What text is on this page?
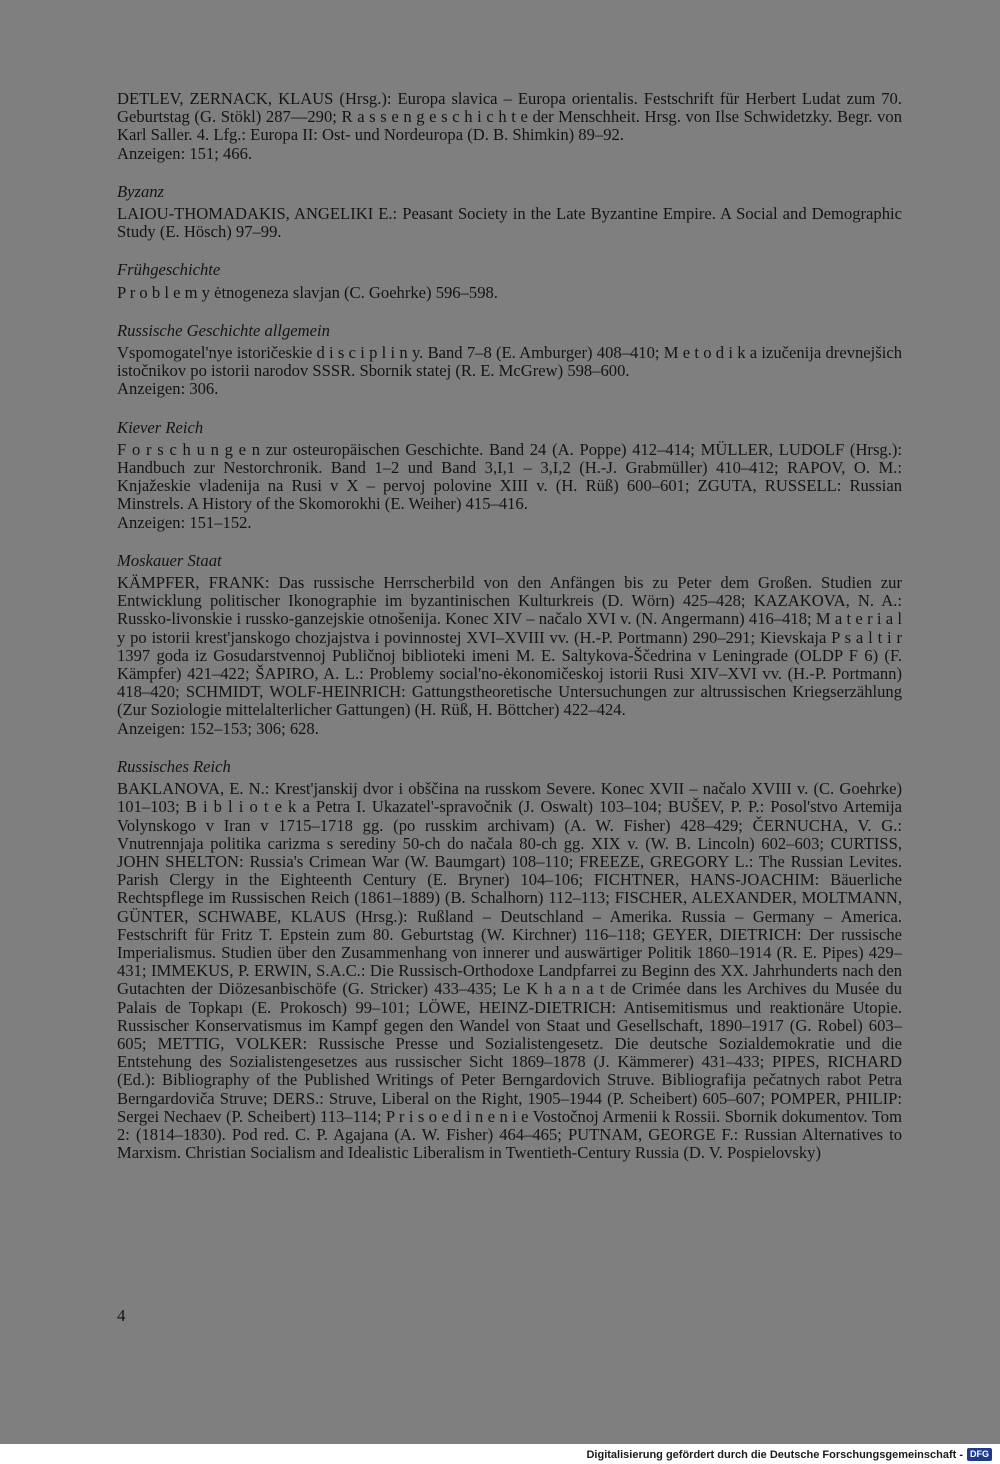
DETLEV, ZERNACK, KLAUS (Hrsg.): Europa slavica – Europa orientalis. Festschrift für Herbert Ludat zum 70. Geburtstag (G. Stökl) 287—290; R a s s e n g e s c h i c h t e der Menschheit. Hrsg. von Ilse Schwidetzky. Begr. von Karl Saller. 4. Lfg.: Europa II: Ost- und Nordeuropa (D. B. Shimkin) 89–92.

Anzeigen: 151; 466.

Byzanz

LAIOU-THOMADAKIS, ANGELIKI E.: Peasant Society in the Late Byzantine Empire. A Social and Demographic Study (E. Hösch) 97–99.

Frühgeschichte

P r o b l e m y ėtnogeneza slavjan (C. Goehrke) 596–598.

Russische Geschichte allgemein

Vspomogatel'nye istoričeskie d i s c i p l i n y. Band 7–8 (E. Amburger) 408–410; M e t o d i k a izučenija drevnejšich istočnikov po istorii narodov SSSR. Sbornik statej (R. E. McGrew) 598–600.

Anzeigen: 306.

Kiever Reich

F o r s c h u n g e n zur osteuropäischen Geschichte. Band 24 (A. Poppe) 412–414; MÜLLER, LUDOLF (Hrsg.): Handbuch zur Nestorchronik. Band 1–2 und Band 3,I,1 – 3,I,2 (H.-J. Grabmüller) 410–412; RAPOV, O. M.: Knjažeskie vladenija na Rusi v X – pervoj polovine XIII v. (H. Rüß) 600–601; ZGUTA, RUSSELL: Russian Minstrels. A History of the Skomorokhi (E. Weiher) 415–416.

Anzeigen: 151–152.

Moskauer Staat

KÄMPFER, FRANK: Das russische Herrscherbild von den Anfängen bis zu Peter dem Großen. Studien zur Entwicklung politischer Ikonographie im byzantinischen Kulturkreis (D. Wörn) 425–428; KAZAKOVA, N. A.: Russko-livonskie i russko-ganzejskie otnošenija. Konec XIV – načalo XVI v. (N. Angermann) 416–418; M a t e r i a l y po istorii krest'janskogo chozjajstva i povinnostej XVI–XVIII vv. (H.-P. Portmann) 290–291; Kievskaja P s a l t i r 1397 goda iz Gosudarstvennoj Publičnoj biblioteki imeni M. E. Saltykova-Ščedrina v Leningrade (OLDP F 6) (F. Kämpfer) 421–422; ŠAPIRO, A. L.: Problemy social'no-ėkonomičeskoj istorii Rusi XIV–XVI vv. (H.-P. Portmann) 418–420; SCHMIDT, WOLF-HEINRICH: Gattungstheoretische Untersuchungen zur altrussischen Kriegserzählung (Zur Soziologie mittelalterlicher Gattungen) (H. Rüß, H. Böttcher) 422–424.

Anzeigen: 152–153; 306; 628.

Russisches Reich

BAKLANOVA, E. N.: Krest'janskij dvor i obščina na russkom Severe. Konec XVII – načalo XVIII v. (C. Goehrke) 101–103; B i b l i o t e k a Petra I. Ukazatel'-spravočnik (J. Oswalt) 103–104; BUŠEV, P. P.: Posol'stvo Artemija Volynskogo v Iran v 1715–1718 gg. (po russkim archivam) (A. W. Fisher) 428–429; ČERNUCHA, V. G.: Vnutrennjaja politika carizma s serediny 50-ch do načala 80-ch gg. XIX v. (W. B. Lincoln) 602–603; CURTISS, JOHN SHELTON: Russia's Crimean War (W. Baumgart) 108–110; FREEZE, GREGORY L.: The Russian Levites. Parish Clergy in the Eighteenth Century (E. Bryner) 104–106; FICHTNER, HANS-JOACHIM: Bäuerliche Rechtspflege im Russischen Reich (1861–1889) (B. Schalhorn) 112–113; FISCHER, ALEXANDER, MOLTMANN, GÜNTER, SCHWABE, KLAUS (Hrsg.): Rußland – Deutschland – Amerika. Russia – Germany – America. Festschrift für Fritz T. Epstein zum 80. Geburtstag (W. Kirchner) 116–118; GEYER, DIETRICH: Der russische Imperialismus. Studien über den Zusammenhang von innerer und auswärtiger Politik 1860–1914 (R. E. Pipes) 429–431; IMMEKUS, P. ERWIN, S.A.C.: Die Russisch-Orthodoxe Landpfarrei zu Beginn des XX. Jahrhunderts nach den Gutachten der Diözesanbischöfe (G. Stricker) 433–435; Le K h a n a t de Crimée dans les Archives du Musée du Palais de Topkapı (E. Prokosch) 99–101; LÖWE, HEINZ-DIETRICH: Antisemitismus und reaktionäre Utopie. Russischer Konservatismus im Kampf gegen den Wandel von Staat und Gesellschaft, 1890–1917 (G. Robel) 603–605; METTIG, VOLKER: Russische Presse und Sozialistengesetz. Die deutsche Sozialdemokratie und die Entstehung des Sozialistengesetzes aus russischer Sicht 1869–1878 (J. Kämmerer) 431–433; PIPES, RICHARD (Ed.): Bibliography of the Published Writings of Peter Berngardovich Struve. Bibliografija pečatnych rabot Petra Berngardoviča Struve; DERS.: Struve, Liberal on the Right, 1905–1944 (P. Scheibert) 605–607; POMPER, PHILIP: Sergei Nechaev (P. Scheibert) 113–114; P r i s o e d i n e n i e Vostočnoj Armenii k Rossii. Sbornik dokumentov. Tom 2: (1814–1830). Pod red. C. P. Agajana (A. W. Fisher) 464–465; PUTNAM, GEORGE F.: Russian Alternatives to Marxism. Christian Socialism and Idealistic Liberalism in Twentieth-Century Russia (D. V. Pospielovsky)

4
Digitalisierung gefördert durch die Deutsche Forschungsgemeinschaft - DFG
